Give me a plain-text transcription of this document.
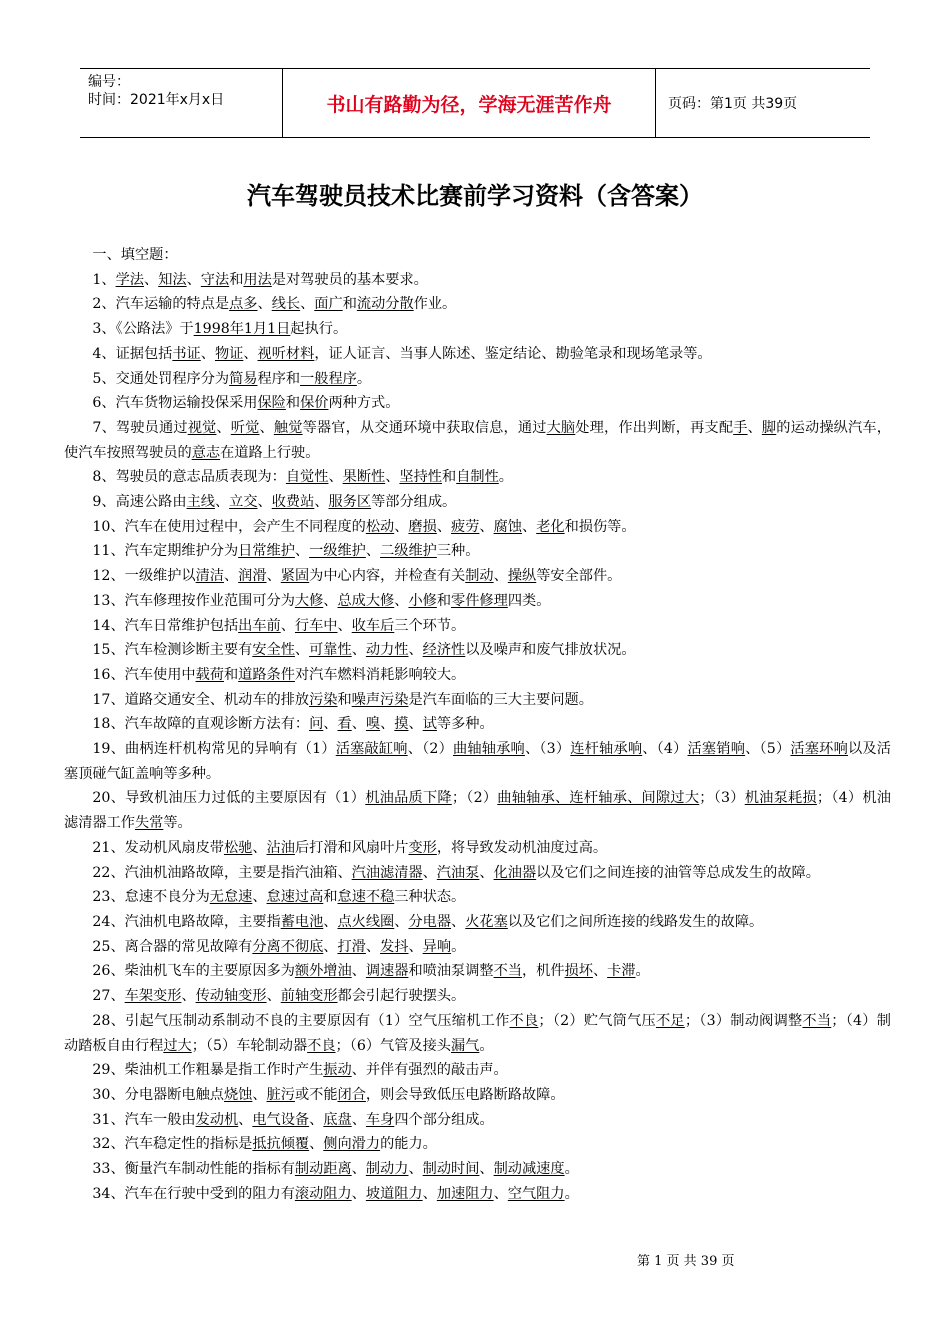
编号：
时间：2021年x月x日	书山有路勤为径，学海无涯苦作舟	页码：第1页 共39页
汽车驾驶员技术比赛前学习资料（含答案）

一、填空题：

1、学法、知法、守法和用法是对驾驶员的基本要求。

2、汽车运输的特点是点多、线长、面广和流动分散作业。

3、《公路法》于1998年1月1日起执行。

4、证据包括书证、物证、视听材料，证人证言、当事人陈述、鉴定结论、勘验笔录和现场笔录等。

5、交通处罚程序分为简易程序和一般程序。

6、汽车货物运输投保采用保险和保价两种方式。

7、驾驶员通过视觉、听觉、触觉等器官，从交通环境中获取信息，通过大脑处理，作出判断，再支配手、脚的运动操纵汽车，使汽车按照驾驶员的意志在道路上行驶。

8、驾驶员的意志品质表现为：自觉性、果断性、坚持性和自制性。

9、高速公路由主线、立交、收费站、服务区等部分组成。

10、汽车在使用过程中，会产生不同程度的松动、磨损、疲劳、腐蚀、老化和损伤等。

11、汽车定期维护分为日常维护、一级维护、二级维护三种。

12、一级维护以清洁、润滑、紧固为中心内容，并检查有关制动、操纵等安全部件。

13、汽车修理按作业范围可分为大修、总成大修、小修和零件修理四类。

14、汽车日常维护包括出车前、行车中、收车后三个环节。

15、汽车检测诊断主要有安全性、可靠性、动力性、经济性以及噪声和废气排放状况。

16、汽车使用中载荷和道路条件对汽车燃料消耗影响较大。

17、道路交通安全、机动车的排放污染和噪声污染是汽车面临的三大主要问题。

18、汽车故障的直观诊断方法有：问、看、嗅、摸、试等多种。

19、曲柄连杆机构常见的异响有（1）活塞敲缸响、（2）曲轴轴承响、（3）连杆轴承响、（4）活塞销响、（5）活塞环响以及活塞顶碰气缸盖响等多种。

20、导致机油压力过低的主要原因有（1）机油品质下降；（2）曲轴轴承、连杆轴承、间隙过大；（3）机油泵耗损；（4）机油滤清器工作失常等。

21、发动机风扇皮带松驰、沾油后打滑和风扇叶片变形，将导致发动机油度过高。

22、汽油机油路故障，主要是指汽油箱、汽油滤清器、汽油泵、化油器以及它们之间连接的油管等总成发生的故障。

23、怠速不良分为无怠速、怠速过高和怠速不稳三种状态。

24、汽油机电路故障，主要指蓄电池、点火线圈、分电器、火花塞以及它们之间所连接的线路发生的故障。

25、离合器的常见故障有分离不彻底、打滑、发抖、异响。

26、柴油机飞车的主要原因多为额外增油、调速器和喷油泵调整不当，机件损坏、卡滞。

27、车架变形、传动轴变形、前轴变形都会引起行驶摆头。

28、引起气压制动系制动不良的主要原因有（1）空气压缩机工作不良；（2）贮气筒气压不足；（3）制动阀调整不当；（4）制动踏板自由行程过大；（5）车轮制动器不良；（6）气管及接头漏气。

29、柴油机工作粗暴是指工作时产生振动、并伴有强烈的敲击声。

30、分电器断电触点烧蚀、脏污或不能闭合，则会导致低压电路断路故障。

31、汽车一般由发动机、电气设备、底盘、车身四个部分组成。

32、汽车稳定性的指标是抵抗倾覆、侧向滑力的能力。

33、衡量汽车制动性能的指标有制动距离、制动力、制动时间、制动减速度。

34、汽车在行驶中受到的阻力有滚动阻力、坡道阻力、加速阻力、空气阻力。

第 1 页 共 39 页
